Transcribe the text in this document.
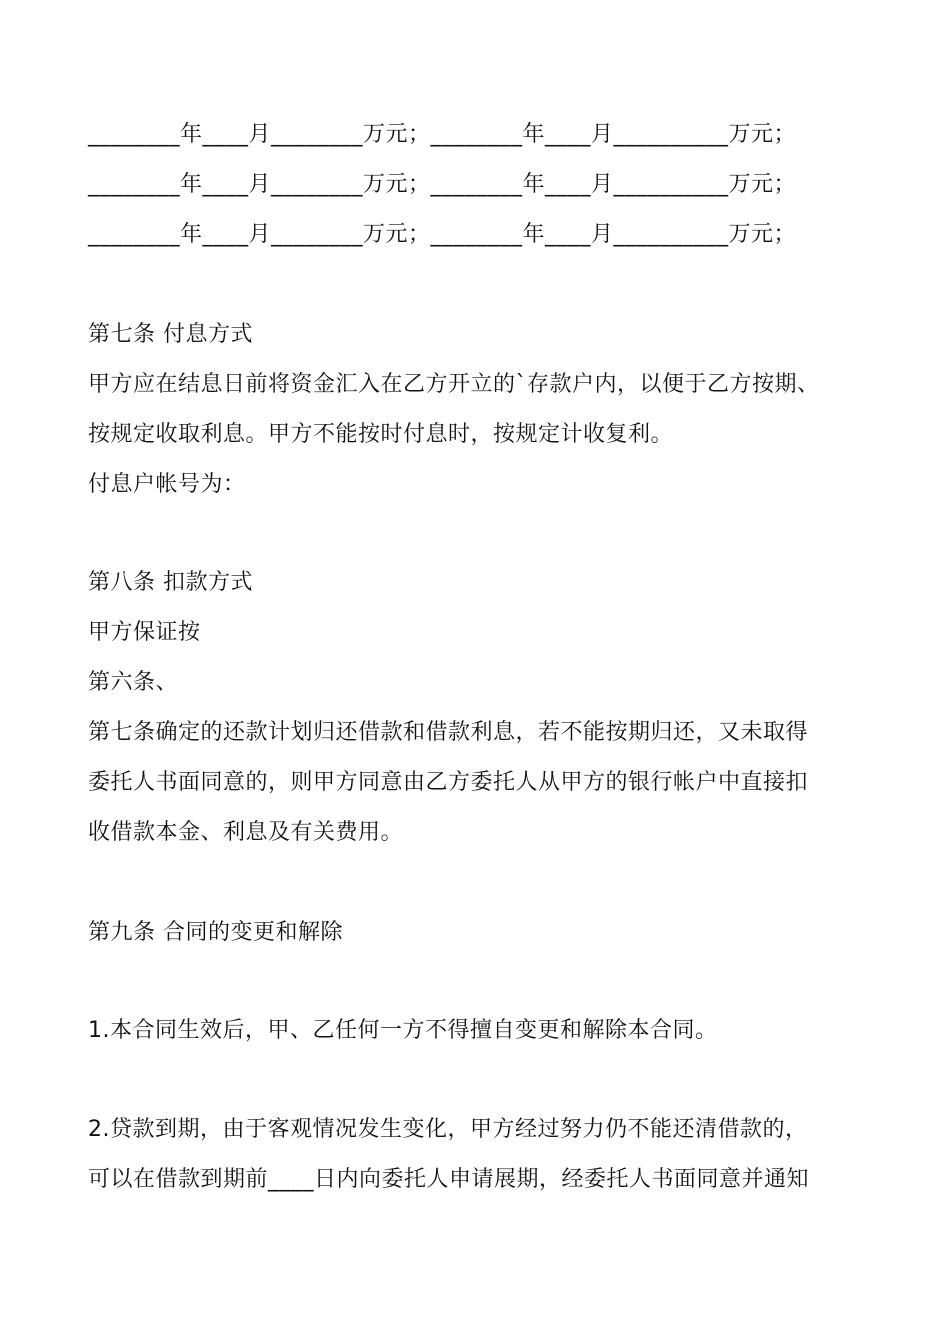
________年____月________万元；________年____月__________万元；
________年____月________万元；________年____月__________万元；
________年____月________万元；________年____月__________万元；
第七条 付息方式
甲方应在结息日前将资金汇入在乙方开立的`存款户内，以便于乙方按期、
按规定收取利息。甲方不能按时付息时，按规定计收复利。
付息户帐号为：
第八条 扣款方式
甲方保证按
第六条、
第七条确定的还款计划归还借款和借款利息，若不能按期归还，又未取得
委托人书面同意的，则甲方同意由乙方委托人从甲方的银行帐户中直接扣
收借款本金、利息及有关费用。
第九条 合同的变更和解除
1.本合同生效后，甲、乙任何一方不得擅自变更和解除本合同。
2.贷款到期，由于客观情况发生变化，甲方经过努力仍不能还清借款的，
可以在借款到期前____日内向委托人申请展期，经委托人书面同意并通知
